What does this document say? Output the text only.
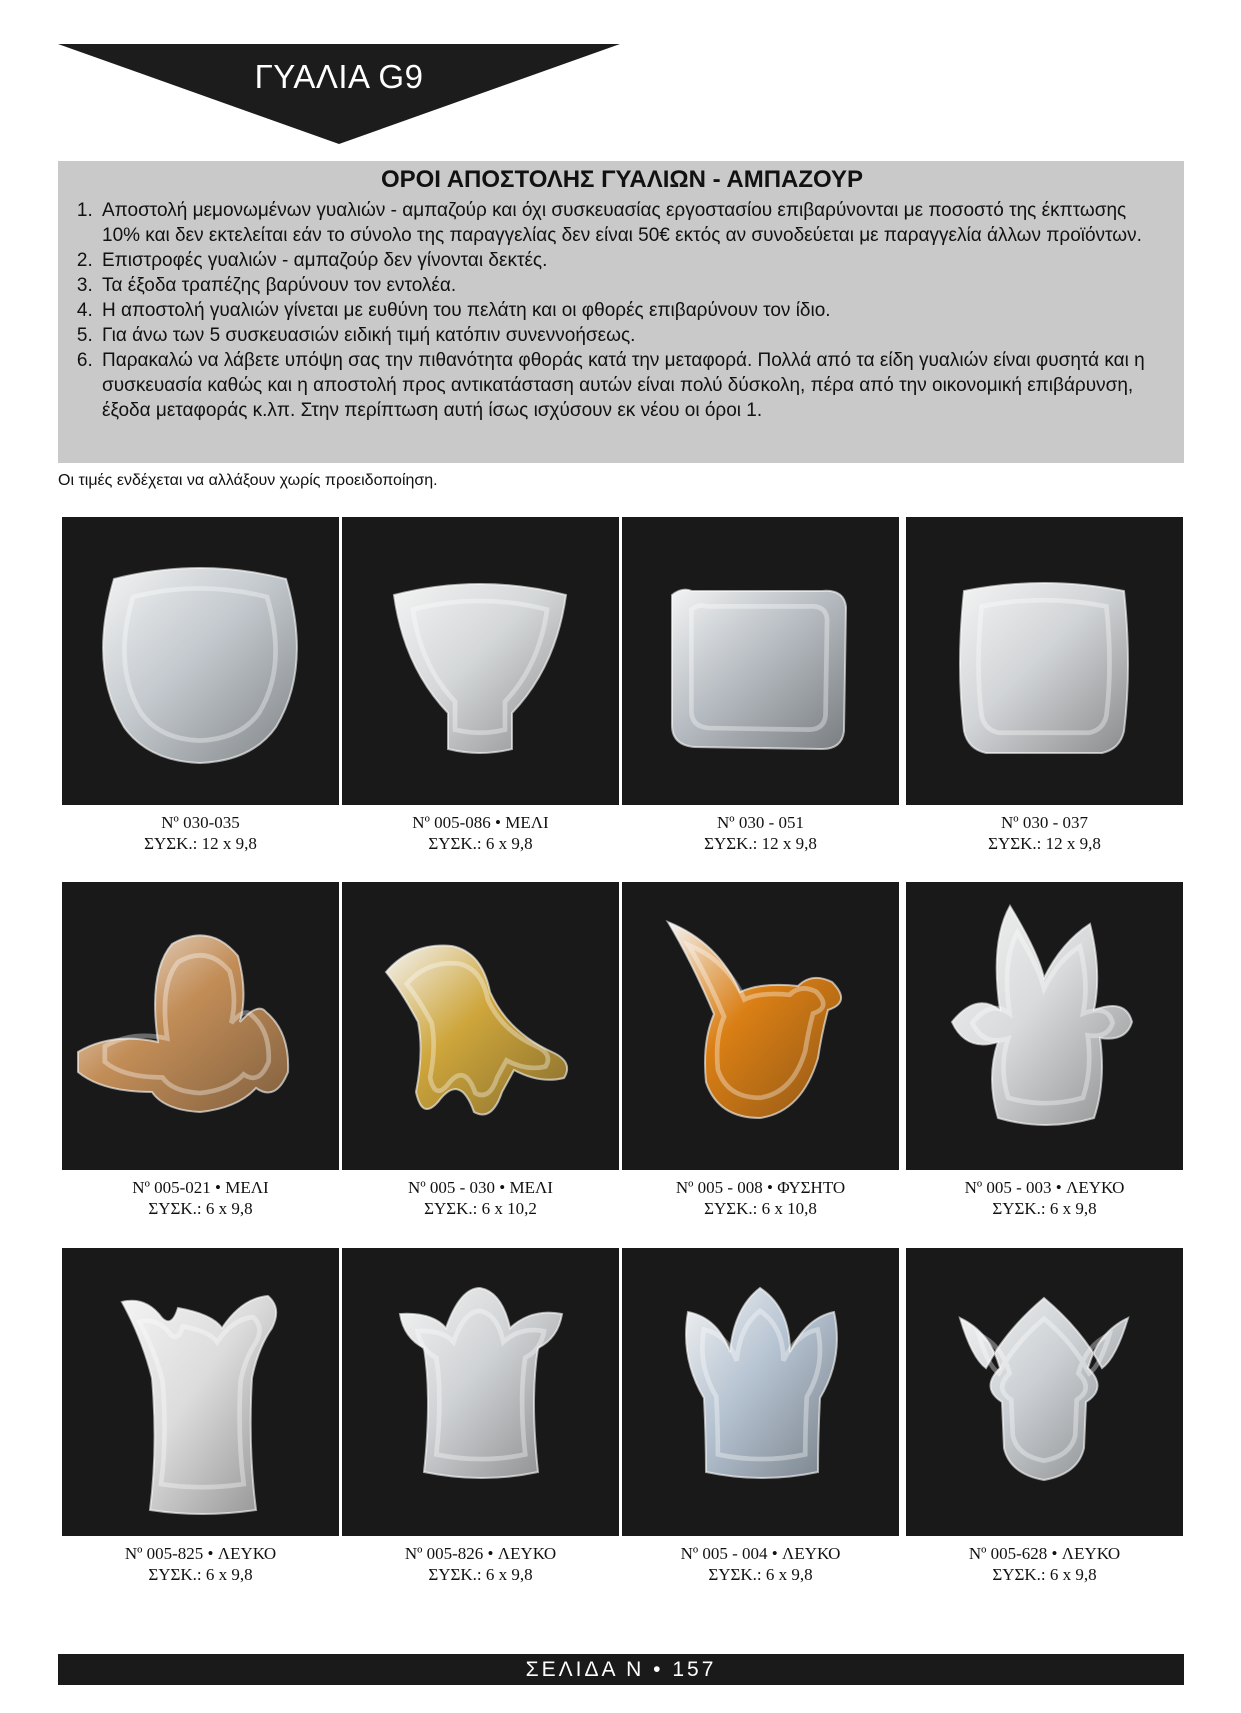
ΓΥΑΛΙΑ G9
ΟΡΟΙ ΑΠΟΣΤΟΛΗΣ ΓΥΑΛΙΩΝ - ΑΜΠΑΖΟΥΡ
1. Αποστολή μεμονωμένων γυαλιών - αμπαζούρ και όχι συσκευασίας εργοστασίου επιβαρύνονται με ποσοστό της έκπτωσης 10% και δεν εκτελείται εάν το σύνολο της παραγγελίας δεν είναι 50€ εκτός αν συνοδεύεται με παραγγελία άλλων προϊόντων.
2. Επιστροφές γυαλιών - αμπαζούρ δεν γίνονται δεκτές.
3. Τα έξοδα τραπέζης βαρύνουν τον εντολέα.
4. Η αποστολή γυαλιών γίνεται με ευθύνη του πελάτη και οι φθορές επιβαρύνουν τον ίδιο.
5. Για άνω των 5 συσκευασιών ειδική τιμή κατόπιν συνεννοήσεως.
6. Παρακαλώ να λάβετε υπόψη σας την πιθανότητα φθοράς κατά την μεταφορά. Πολλά από τα είδη γυαλιών είναι φυσητά και η συσκευασία καθώς και η αποστολή προς αντικατάσταση αυτών είναι πολύ δύσκολη, πέρα από την οικονομική επιβάρυνση, έξοδα μεταφοράς κ.λπ. Στην περίπτωση αυτή ίσως ισχύσουν εκ νέου οι όροι 1.
Οι τιμές ενδέχεται να αλλάξουν χωρίς προειδοποίηση.
Nº 030-035
ΣΥΣΚ.: 12 x 9,8
Nº 005-086 • ΜΕΛΙ
ΣΥΣΚ.: 6 x 9,8
Nº 030 - 051
ΣΥΣΚ.: 12 x 9,8
Nº 030 - 037
ΣΥΣΚ.: 12 x 9,8
Nº 005-021 • ΜΕΛΙ
ΣΥΣΚ.: 6 x 9,8
Nº 005 - 030 • ΜΕΛΙ
ΣΥΣΚ.: 6 x 10,2
Nº 005 - 008 • ΦΥΣΗΤΟ
ΣΥΣΚ.: 6 x 10,8
Nº 005 - 003 • ΛΕΥΚΟ
ΣΥΣΚ.: 6 x 9,8
Nº 005-825 • ΛΕΥΚΟ
ΣΥΣΚ.: 6 x 9,8
Nº 005-826 • ΛΕΥΚΟ
ΣΥΣΚ.: 6 x 9,8
Nº 005 - 004 • ΛΕΥΚΟ
ΣΥΣΚ.: 6 x 9,8
Nº 005-628 • ΛΕΥΚΟ
ΣΥΣΚ.: 6 x 9,8
ΣΕΛΙΔΑ Ν • 157
